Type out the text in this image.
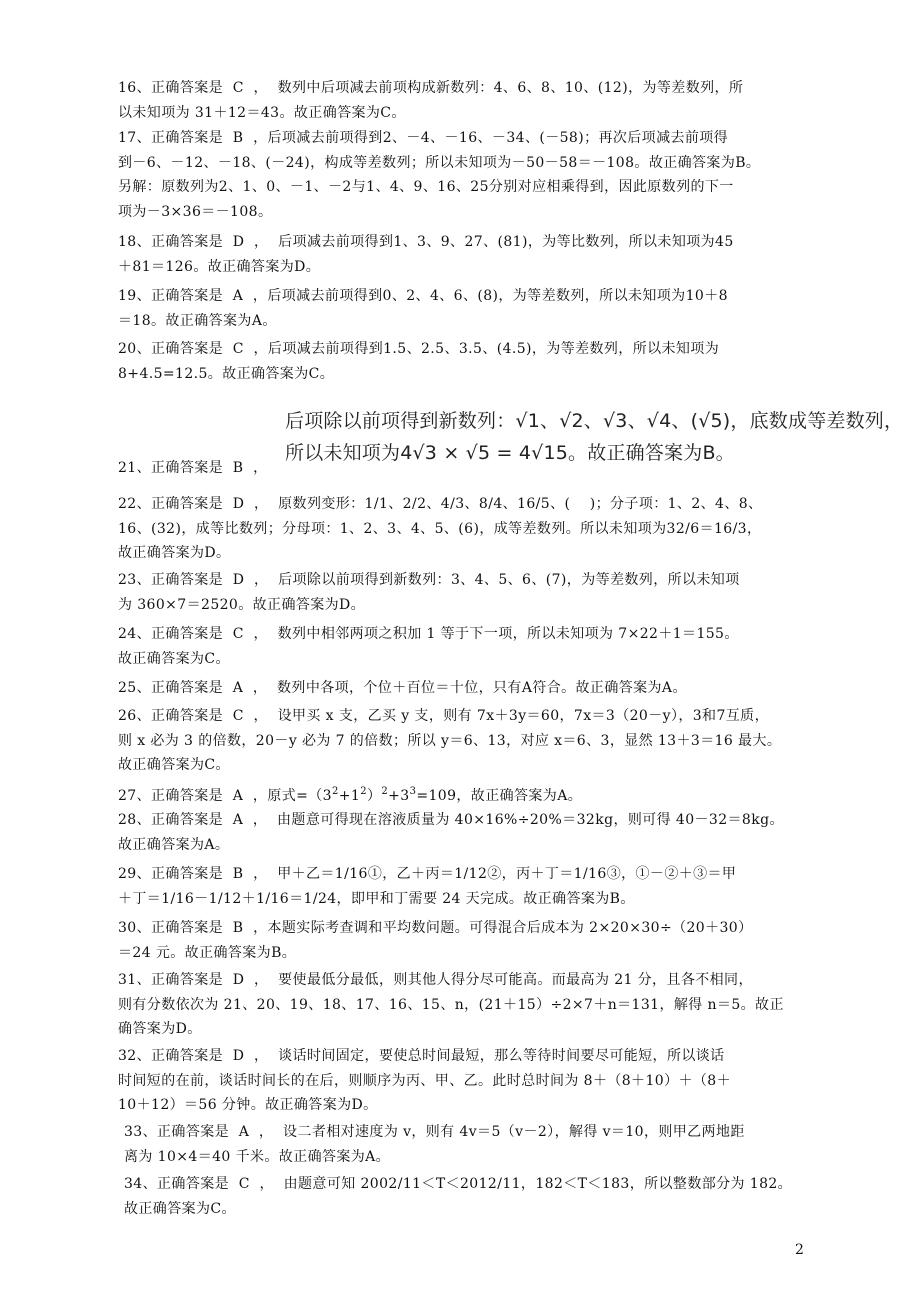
16、正确答案是  C  ，  数列中后项减去前项构成新数列：4、6、8、10、(12)，为等差数列，所
以未知项为 31＋12＝43。故正确答案为C。

17、正确答案是  B  ，后项减去前项得到2、－4、－16、－34、(－58)；再次后项减去前项得
到－6、－12、－18、(－24)，构成等差数列；所以未知项为－50－58＝－108。故正确答案为B。
另解：原数列为2、1、0、－1、－2与1、4、9、16、25分别对应相乘得到，因此原数列的下一
项为－3×36＝－108。

18、正确答案是  D  ，  后项减去前项得到1、3、9、27、(81)，为等比数列，所以未知项为45
＋81＝126。故正确答案为D。

19、正确答案是  A  ，后项减去前项得到0、2、4、6、(8)，为等差数列，所以未知项为10＋8
＝18。故正确答案为A。

20、正确答案是  C  ，后项减去前项得到1.5、2.5、3.5、(4.5)，为等差数列，所以未知项为
8+4.5=12.5。故正确答案为C。

后项除以前项得到新数列：√1、√2、√3、√4、(√5)，底数成等差数列，
所以未知项为4√3 × √5 = 4√15。故正确答案为B。

21、正确答案是  B  ，

22、正确答案是  D  ，  原数列变形：1/1、2/2、4/3、8/4、16/5、(    )；分子项：1、2、4、8、
16、(32)，成等比数列；分母项：1、2、3、4、5、(6)，成等差数列。所以未知项为32/6＝16/3，
故正确答案为D。

23、正确答案是  D  ，  后项除以前项得到新数列：3、4、5、6、(7)，为等差数列，所以未知项
为 360×7＝2520。故正确答案为D。

24、正确答案是  C  ，  数列中相邻两项之积加 1 等于下一项，所以未知项为 7×22＋1＝155。
故正确答案为C。

25、正确答案是  A  ，  数列中各项，个位＋百位＝十位，只有A符合。故正确答案为A。

26、正确答案是  C  ，  设甲买 x 支，乙买 y 支，则有 7x＋3y＝60，7x＝3（20－y），3和7互质，
则 x 必为 3 的倍数，20－y 必为 7 的倍数；所以 y＝6、13，对应 x＝6、3，显然 13＋3＝16 最大。
故正确答案为C。

27、正确答案是  A  ，原式$=(3^2+1^2)^2+3^3=109$，故正确答案为A。

28、正确答案是  A  ，  由题意可得现在溶液质量为 40×16%÷20%＝32kg，则可得 40－32＝8kg。
故正确答案为A。

29、正确答案是  B  ，  甲＋乙＝1/16①，乙＋丙＝1/12②，丙＋丁＝1/16③，①－②＋③＝甲
＋丁＝1/16－1/12＋1/16＝1/24，即甲和丁需要 24 天完成。故正确答案为B。

30、正确答案是  B  ，本题实际考查调和平均数问题。可得混合后成本为 2×20×30÷（20＋30）
＝24 元。故正确答案为B。

31、正确答案是  D  ，  要使最低分最低，则其他人得分尽可能高。而最高为 21 分，且各不相同，
则有分数依次为 21、20、19、18、17、16、15、n，(21＋15）÷2×7＋n＝131，解得 n＝5。故正
确答案为D。

32、正确答案是  D  ，  谈话时间固定，要使总时间最短，那么等待时间要尽可能短，所以谈话
时间短的在前，谈话时间长的在后，则顺序为丙、甲、乙。此时总时间为 8＋（8＋10）＋（8＋
10＋12）＝56 分钟。故正确答案为D。

33、正确答案是  A  ，  设二者相对速度为 v，则有 4v＝5（v－2），解得 v＝10，则甲乙两地距
离为 10×4＝40 千米。故正确答案为A。

34、正确答案是  C  ，  由题意可知 2002/11＜T＜2012/11，182＜T＜183，所以整数部分为 182。
故正确答案为C。

2
